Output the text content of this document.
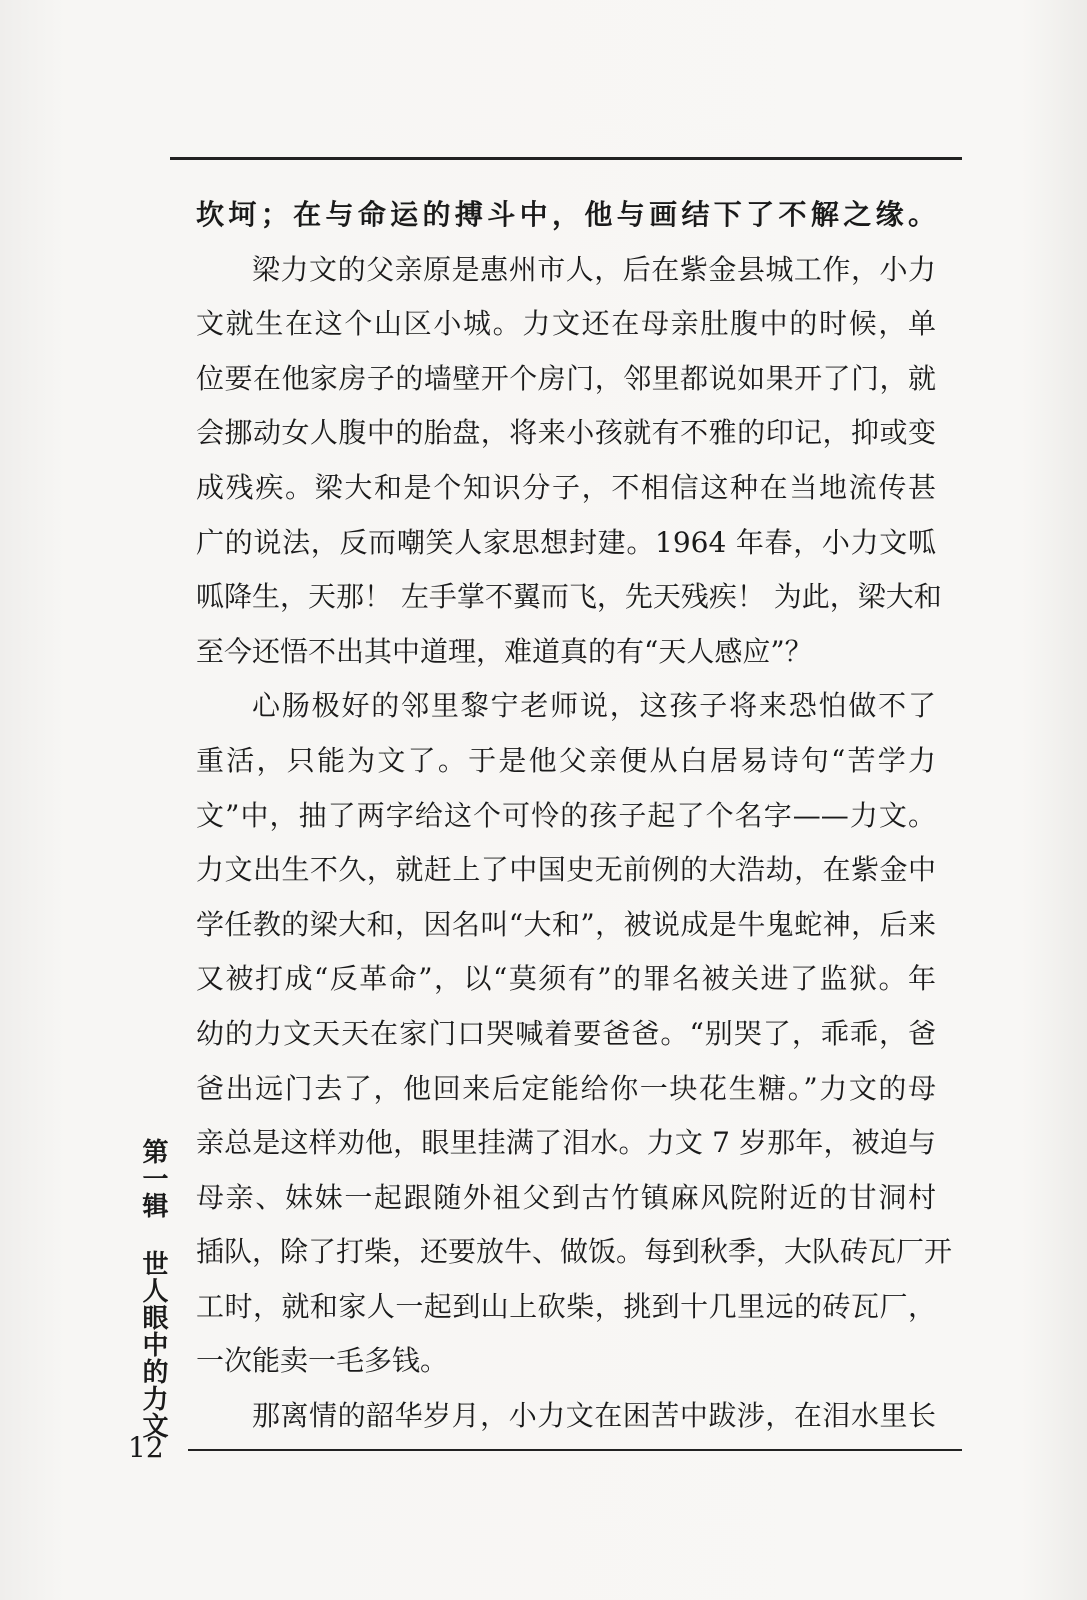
坎坷；在与命运的搏斗中，他与画结下了不解之缘。
梁力文的父亲原是惠州市人，后在紫金县城工作，小力
文就生在这个山区小城。力文还在母亲肚腹中的时候，单
位要在他家房子的墙壁开个房门，邻里都说如果开了门，就
会挪动女人腹中的胎盘，将来小孩就有不雅的印记，抑或变
成残疾。梁大和是个知识分子，不相信这种在当地流传甚
广的说法，反而嘲笑人家思想封建。1964 年春，小力文呱
呱降生，天那！ 左手掌不翼而飞，先天残疾！ 为此，梁大和
至今还悟不出其中道理，难道真的有“天人感应”？
心肠极好的邻里黎宁老师说，这孩子将来恐怕做不了
重活，只能为文了。于是他父亲便从白居易诗句“苦学力
文”中，抽了两字给这个可怜的孩子起了个名字——力文。
力文出生不久，就赶上了中国史无前例的大浩劫，在紫金中
学任教的梁大和，因名叫“大和”，被说成是牛鬼蛇神，后来
又被打成“反革命”，以“莫须有”的罪名被关进了监狱。年
幼的力文天天在家门口哭喊着要爸爸。“别哭了，乖乖，爸
爸出远门去了，他回来后定能给你一块花生糖。”力文的母
亲总是这样劝他，眼里挂满了泪水。力文 7 岁那年，被迫与
母亲、妹妹一起跟随外祖父到古竹镇麻风院附近的甘洞村
插队，除了打柴，还要放牛、做饭。每到秋季，大队砖瓦厂开
工时，就和家人一起到山上砍柴，挑到十几里远的砖瓦厂，
一次能卖一毛多钱。
那离情的韶华岁月，小力文在困苦中跋涉，在泪水里长
第一辑 世人眼中的力文
12
